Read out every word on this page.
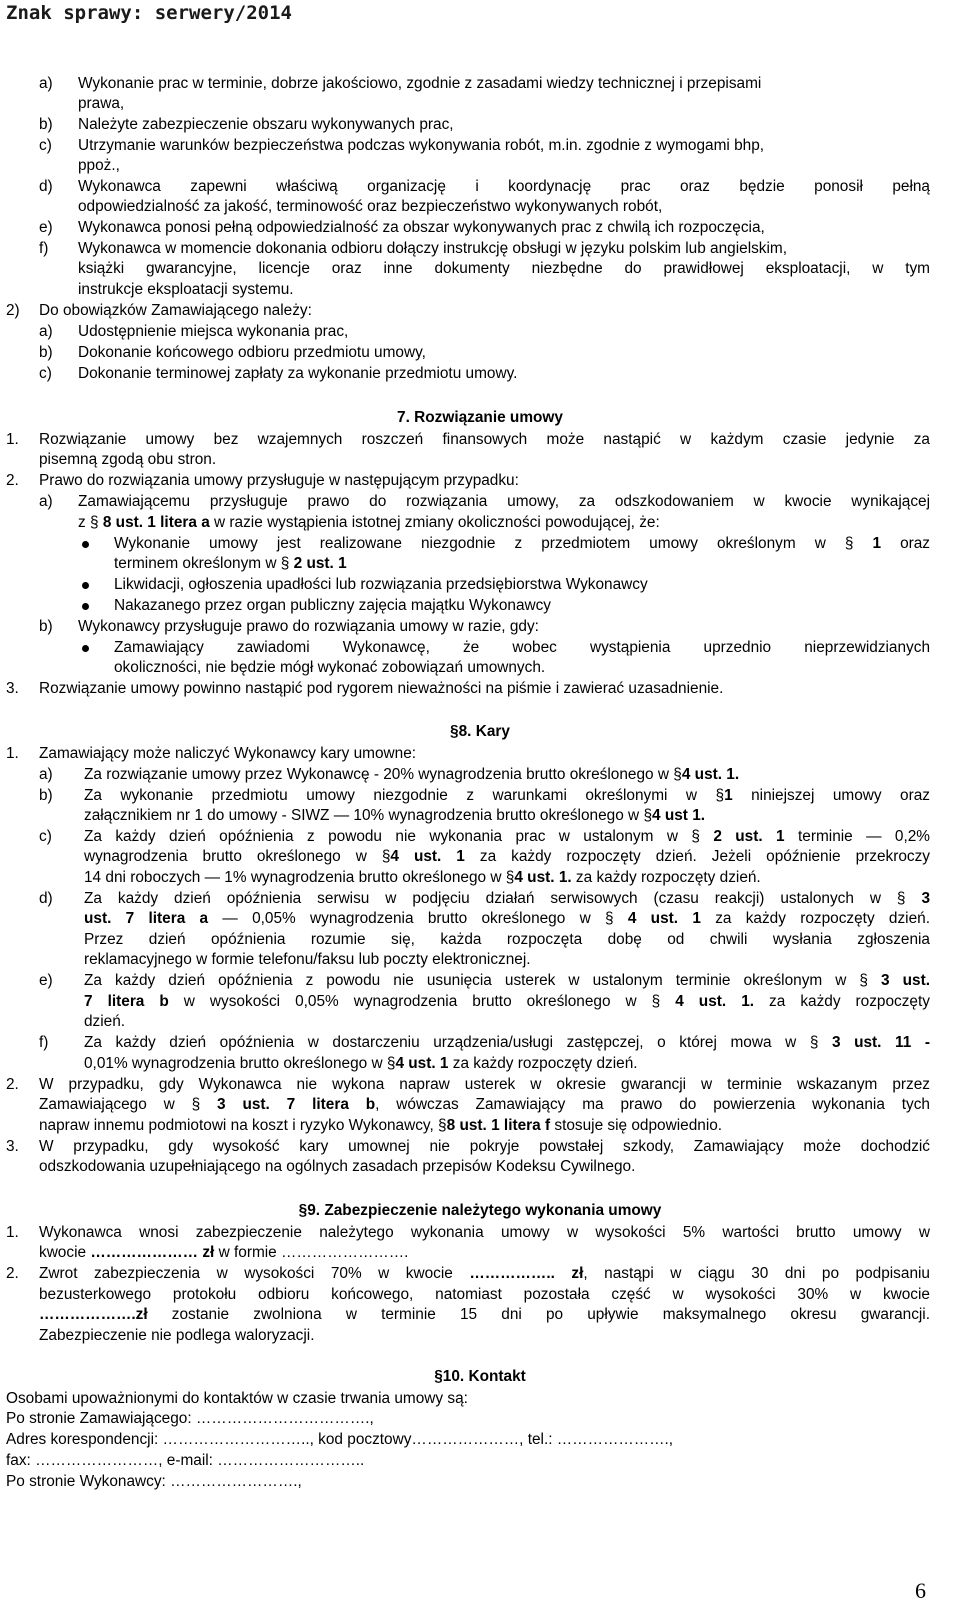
Znak sprawy: serwery/2014
a) Wykonanie prac w terminie, dobrze jakościowo, zgodnie z zasadami wiedzy technicznej i przepisami
prawa,
b) Należyte zabezpieczenie obszaru wykonywanych prac,
c) Utrzymanie warunków bezpieczeństwa podczas wykonywania robót, m.in. zgodnie z wymogami bhp,
ppoż.,
d) Wykonawca zapewni właściwą organizację i koordynację prac oraz będzie ponosił pełną
odpowiedzialność za jakość, terminowość oraz bezpieczeństwo wykonywanych robót,
e) Wykonawca ponosi pełną odpowiedzialność za obszar wykonywanych prac z chwilą ich rozpoczęcia,
f) Wykonawca w momencie dokonania odbioru dołączy instrukcję obsługi w języku polskim lub angielskim,
książki gwarancyjne, licencje oraz inne dokumenty niezbędne do prawidłowej eksploatacji, w tym
instrukcje eksploatacji systemu.
2) Do obowiązków Zamawiającego należy:
a) Udostępnienie miejsca wykonania prac,
b) Dokonanie końcowego odbioru przedmiotu umowy,
c) Dokonanie terminowej zapłaty za wykonanie przedmiotu umowy.
7. Rozwiązanie umowy
1. Rozwiązanie umowy bez wzajemnych roszczeń finansowych może nastąpić w każdym czasie jedynie za
pisemną zgodą obu stron.
2. Prawo do rozwiązania umowy przysługuje w następującym przypadku:
a) Zamawiającemu przysługuje prawo do rozwiązania umowy, za odszkodowaniem w kwocie wynikającej
z § 8 ust. 1 litera a w razie wystąpienia istotnej zmiany okoliczności powodującej, że:
Wykonanie umowy jest realizowane niezgodnie z przedmiotem umowy określonym w § 1 oraz
terminem określonym w § 2 ust. 1
Likwidacji, ogłoszenia upadłości lub rozwiązania przedsiębiorstwa Wykonawcy
Nakazanego przez organ publiczny zajęcia majątku Wykonawcy
b) Wykonawcy przysługuje prawo do rozwiązania umowy w razie, gdy:
Zamawiający zawiadomi Wykonawcę, że wobec wystąpienia uprzednio nieprzewidzianych
okoliczności, nie będzie mógł wykonać zobowiązań umownych.
3. Rozwiązanie umowy powinno nastąpić pod rygorem nieważności na piśmie i zawierać uzasadnienie.
§8. Kary
1. Zamawiający może naliczyć Wykonawcy kary umowne:
a) Za rozwiązanie umowy przez Wykonawcę - 20% wynagrodzenia brutto określonego w §4 ust. 1.
b) Za wykonanie przedmiotu umowy niezgodnie z warunkami określonymi w §1 niniejszej umowy oraz
załącznikiem nr 1 do umowy - SIWZ — 10% wynagrodzenia brutto określonego w §4 ust 1.
c) Za każdy dzień opóźnienia z powodu nie wykonania prac w ustalonym w § 2 ust. 1 terminie — 0,2%
wynagrodzenia brutto określonego w §4 ust. 1 za każdy rozpoczęty dzień. Jeżeli opóźnienie przekroczy
14 dni roboczych — 1% wynagrodzenia brutto określonego w §4 ust. 1. za każdy rozpoczęty dzień.
d) Za każdy dzień opóźnienia serwisu w podjęciu działań serwisowych (czasu reakcji) ustalonych w § 3
ust. 7 litera a — 0,05% wynagrodzenia brutto określonego w § 4 ust. 1 za każdy rozpoczęty dzień.
Przez dzień opóźnienia rozumie się, każda rozpoczęta dobę od chwili wysłania zgłoszenia
reklamacyjnego w formie telefonu/faksu lub poczty elektronicznej.
e) Za każdy dzień opóźnienia z powodu nie usunięcia usterek w ustalonym terminie określonym w § 3 ust.
7 litera b w wysokości 0,05% wynagrodzenia brutto określonego w § 4 ust. 1. za każdy rozpoczęty
dzień.
f) Za każdy dzień opóźnienia w dostarczeniu urządzenia/usługi zastępczej, o której mowa w § 3 ust. 11 -
0,01% wynagrodzenia brutto określonego w §4 ust. 1 za każdy rozpoczęty dzień.
2. W przypadku, gdy Wykonawca nie wykona napraw usterek w okresie gwarancji w terminie wskazanym przez
Zamawiającego w § 3 ust. 7 litera b, wówczas Zamawiający ma prawo do powierzenia wykonania tych
napraw innemu podmiotowi na koszt i ryzyko Wykonawcy, §8 ust. 1 litera f stosuje się odpowiednio.
3. W przypadku, gdy wysokość kary umownej nie pokryje powstałej szkody, Zamawiający może dochodzić
odszkodowania uzupełniającego na ogólnych zasadach przepisów Kodeksu Cywilnego.
§9. Zabezpieczenie należytego wykonania umowy
1. Wykonawca wnosi zabezpieczenie należytego wykonania umowy w wysokości 5% wartości brutto umowy w
kwocie ………………… zł w formie …………………….
2. Zwrot zabezpieczenia w wysokości 70% w kwocie …………….. zł, nastąpi w ciągu 30 dni po podpisaniu
bezusterkowego protokołu odbioru końcowego, natomiast pozostała część w wysokości 30% w kwocie
……………….zł zostanie zwolniona w terminie 15 dni po upływie maksymalnego okresu gwarancji.
Zabezpieczenie nie podlega waloryzacji.
§10. Kontakt
Osobami upoważnionymi do kontaktów w czasie trwania umowy są:
Po stronie Zamawiającego: …………………………….,
Adres korespondencji: ……………………….., kod pocztowy…………………, tel.: ………………….,
fax: ……………………, e-mail: ………………………..
Po stronie Wykonawcy: …………………….,
6
